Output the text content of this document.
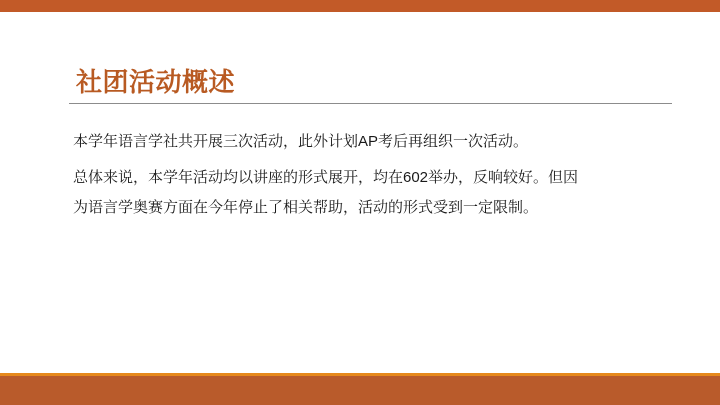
社团活动概述

本学年语言学社共开展三次活动，此外计划AP考后再组织一次活动。

总体来说，本学年活动均以讲座的形式展开，均在602举办，反响较好。但因
为语言学奥赛方面在今年停止了相关帮助，活动的形式受到一定限制。
